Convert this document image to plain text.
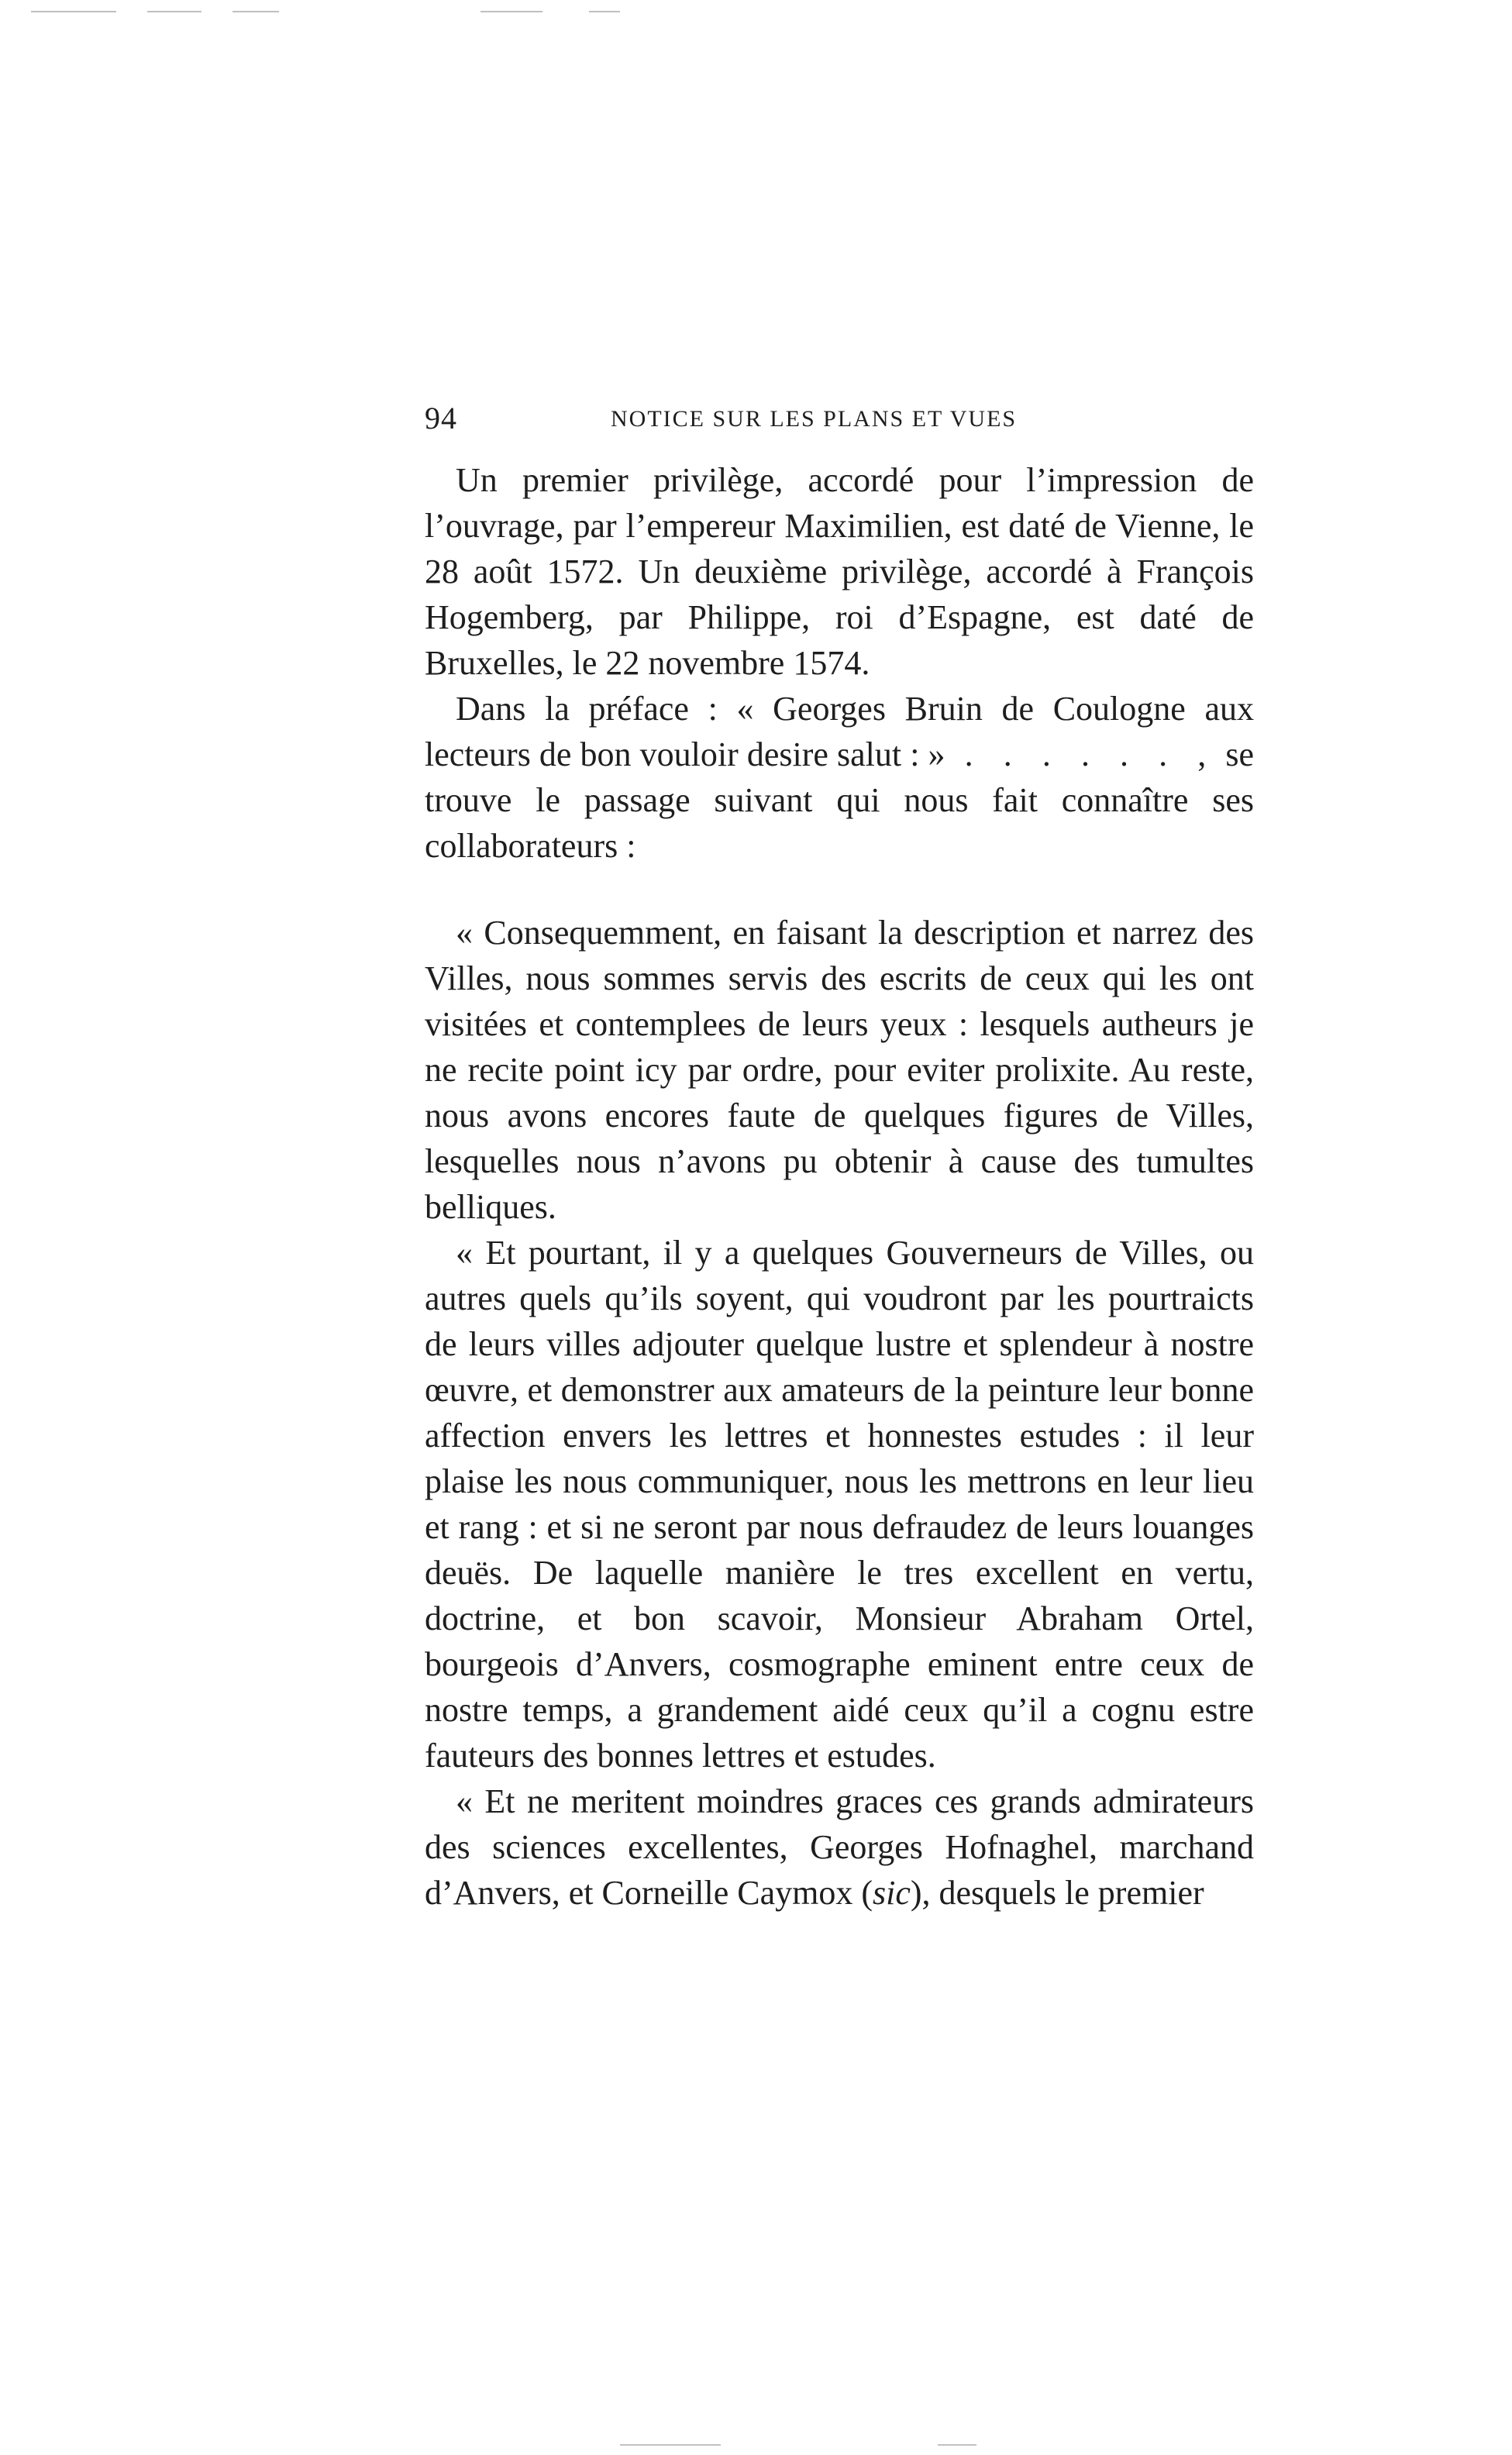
94	NOTICE SUR LES PLANS ET VUES

Un premier privilège, accordé pour l’impression de l’ouvrage, par l’empereur Maximilien, est daté de Vienne, le 28 août 1572. Un deuxième privilège, accordé à François Hogemberg, par Philippe, roi d’Espagne, est daté de Bruxelles, le 22 novembre 1574.

Dans la préface : « Georges Bruin de Coulogne aux lecteurs de bon vouloir desire salut : » . . . . . . , se trouve le passage suivant qui nous fait connaître ses collaborateurs :

« Consequemment, en faisant la description et narrez des Villes, nous sommes servis des escrits de ceux qui les ont visitées et contemplees de leurs yeux : lesquels autheurs je ne recite point icy par ordre, pour eviter prolixite. Au reste, nous avons encores faute de quelques figures de Villes, lesquelles nous n’avons pu obtenir à cause des tumultes belliques.

« Et pourtant, il y a quelques Gouverneurs de Villes, ou autres quels qu’ils soyent, qui voudront par les pourtraicts de leurs villes adjouter quelque lustre et splendeur à nostre œuvre, et demonstrer aux amateurs de la peinture leur bonne affection envers les lettres et honnestes estudes : il leur plaise les nous communiquer, nous les mettrons en leur lieu et rang : et si ne seront par nous defraudez de leurs louanges deuës. De laquelle manière le tres excellent en vertu, doctrine, et bon scavoir, Monsieur Abraham Ortel, bourgeois d’Anvers, cosmographe eminent entre ceux de nostre temps, a grandement aidé ceux qu’il a cognu estre fauteurs des bonnes lettres et estudes.

« Et ne meritent moindres graces ces grands admirateurs des sciences excellentes, Georges Hofnaghel, marchand d’Anvers, et Corneille Caymox (sic), desquels le premier
